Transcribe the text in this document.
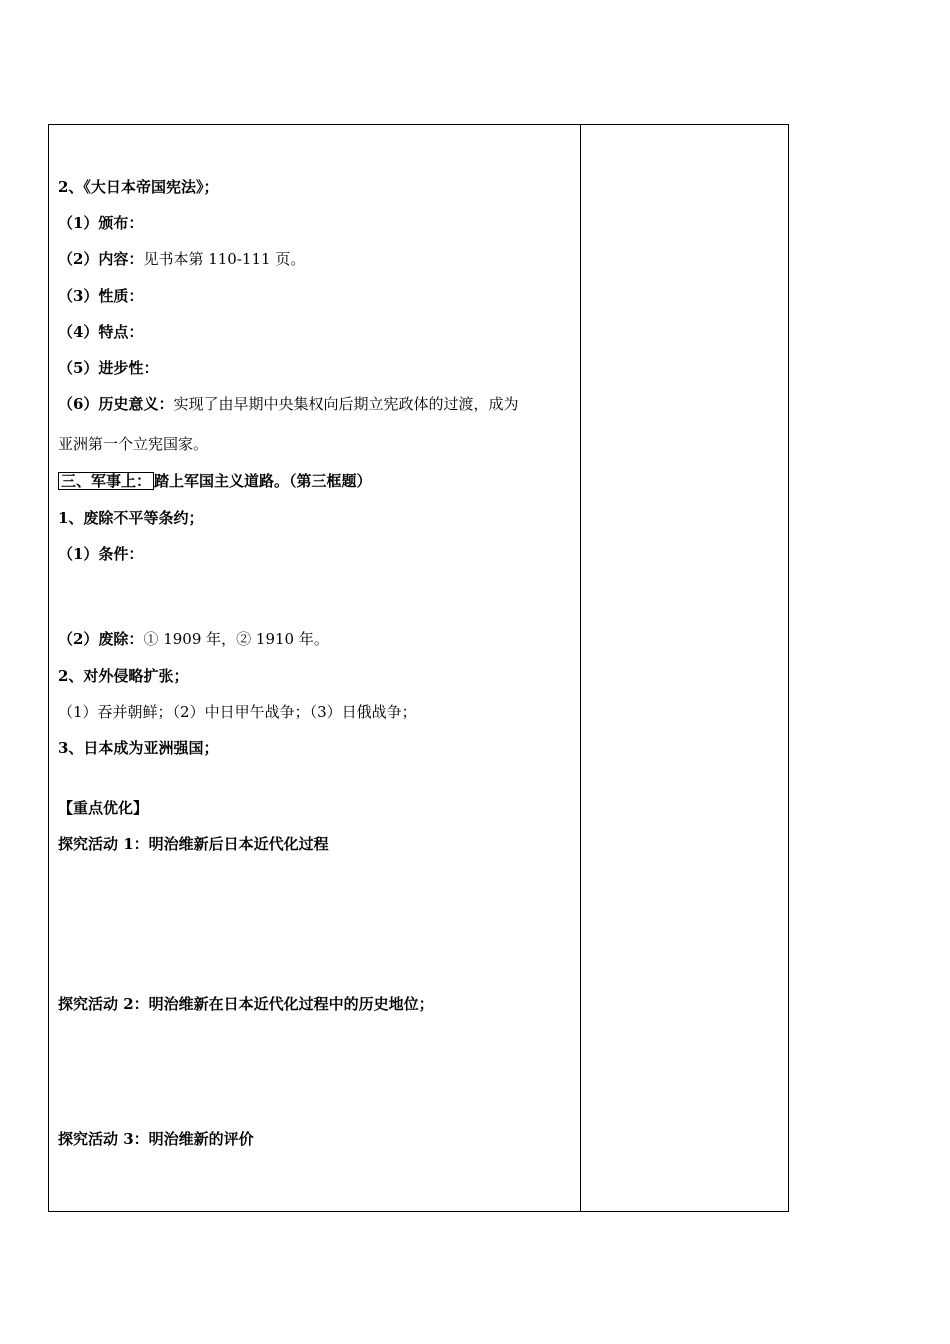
2、《大日本帝国宪法》；
（1）颁布：
（2）内容：见书本第 110-111 页。
（3）性质：
（4）特点：
（5）进步性：
（6）历史意义：实现了由早期中央集权向后期立宪政体的过渡，成为
亚洲第一个立宪国家。
三、军事上： 踏上军国主义道路。（第三框题）
1、废除不平等条约；
（1）条件：
（2）废除：① 1909 年，② 1910 年。
2、对外侵略扩张；
（1）吞并朝鲜；（2）中日甲午战争；（3）日俄战争；
3、日本成为亚洲强国；
【重点优化】
探究活动 1：明治维新后日本近代化过程
探究活动 2：明治维新在日本近代化过程中的历史地位；
探究活动 3：明治维新的评价
